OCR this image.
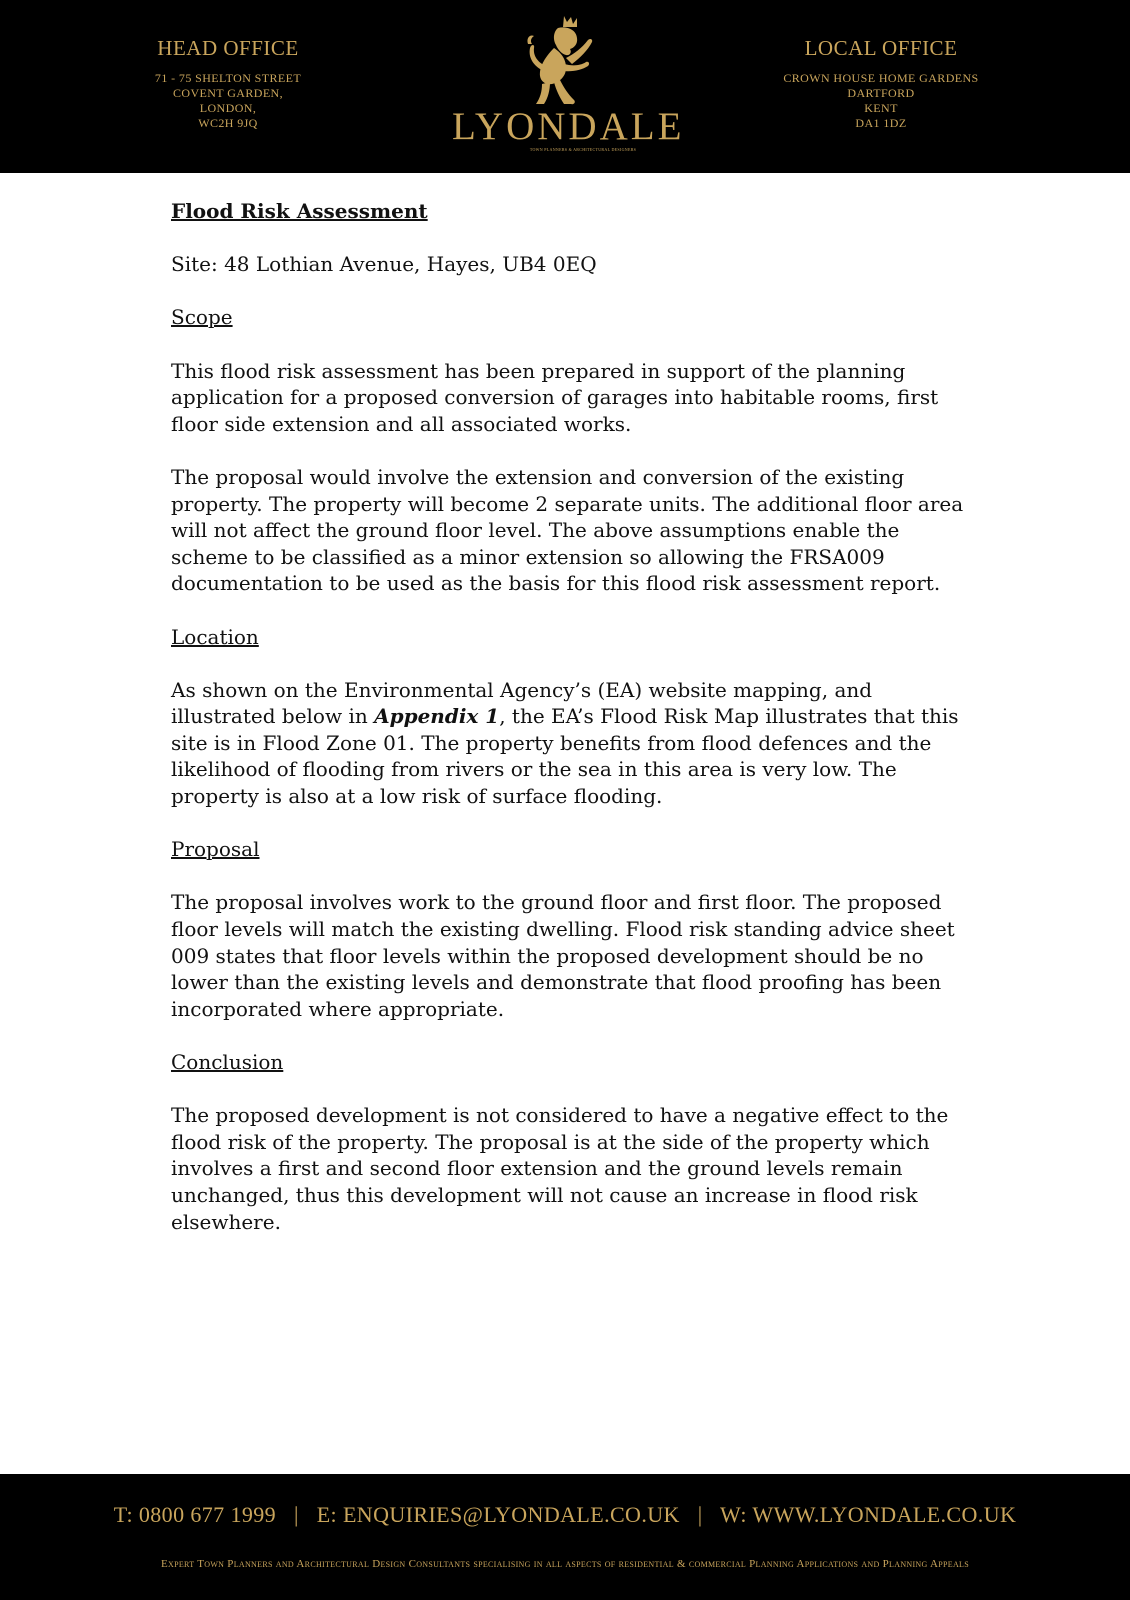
HEAD OFFICE
71 - 75 SHELTON STREET
COVENT GARDEN,
LONDON,
WC2H 9JQ	LYONDALE
TOWN PLANNERS & ARCHITECTURAL DESIGNERS
LOCAL OFFICE
CROWN HOUSE HOME GARDENS
DARTFORD
KENT
DA1 1DZ

Flood Risk Assessment

Site: 48 Lothian Avenue, Hayes, UB4 0EQ

Scope

This flood risk assessment has been prepared in support of the planning application for a proposed conversion of garages into habitable rooms, first floor side extension and all associated works.

The proposal would involve the extension and conversion of the existing property. The property will become 2 separate units. The additional floor area will not affect the ground floor level. The above assumptions enable the scheme to be classified as a minor extension so allowing the FRSA009 documentation to be used as the basis for this flood risk assessment report.

Location

As shown on the Environmental Agency’s (EA) website mapping, and illustrated below in Appendix 1, the EA’s Flood Risk Map illustrates that this site is in Flood Zone 01. The property benefits from flood defences and the likelihood of flooding from rivers or the sea in this area is very low. The property is also at a low risk of surface flooding.

Proposal

The proposal involves work to the ground floor and first floor. The proposed floor levels will match the existing dwelling. Flood risk standing advice sheet 009 states that floor levels within the proposed development should be no lower than the existing levels and demonstrate that flood proofing has been incorporated where appropriate.

Conclusion

The proposed development is not considered to have a negative effect to the flood risk of the property. The proposal is at the side of the property which involves a first and second floor extension and the ground levels remain unchanged, thus this development will not cause an increase in flood risk elsewhere.

T: 0800 677 1999 | E: ENQUIRIES@LYONDALE.CO.UK | W: WWW.LYONDALE.CO.UK
Expert Town Planners and Architectural Design Consultants specialising in all aspects of residential & commercial Planning Applications and Planning Appeals
